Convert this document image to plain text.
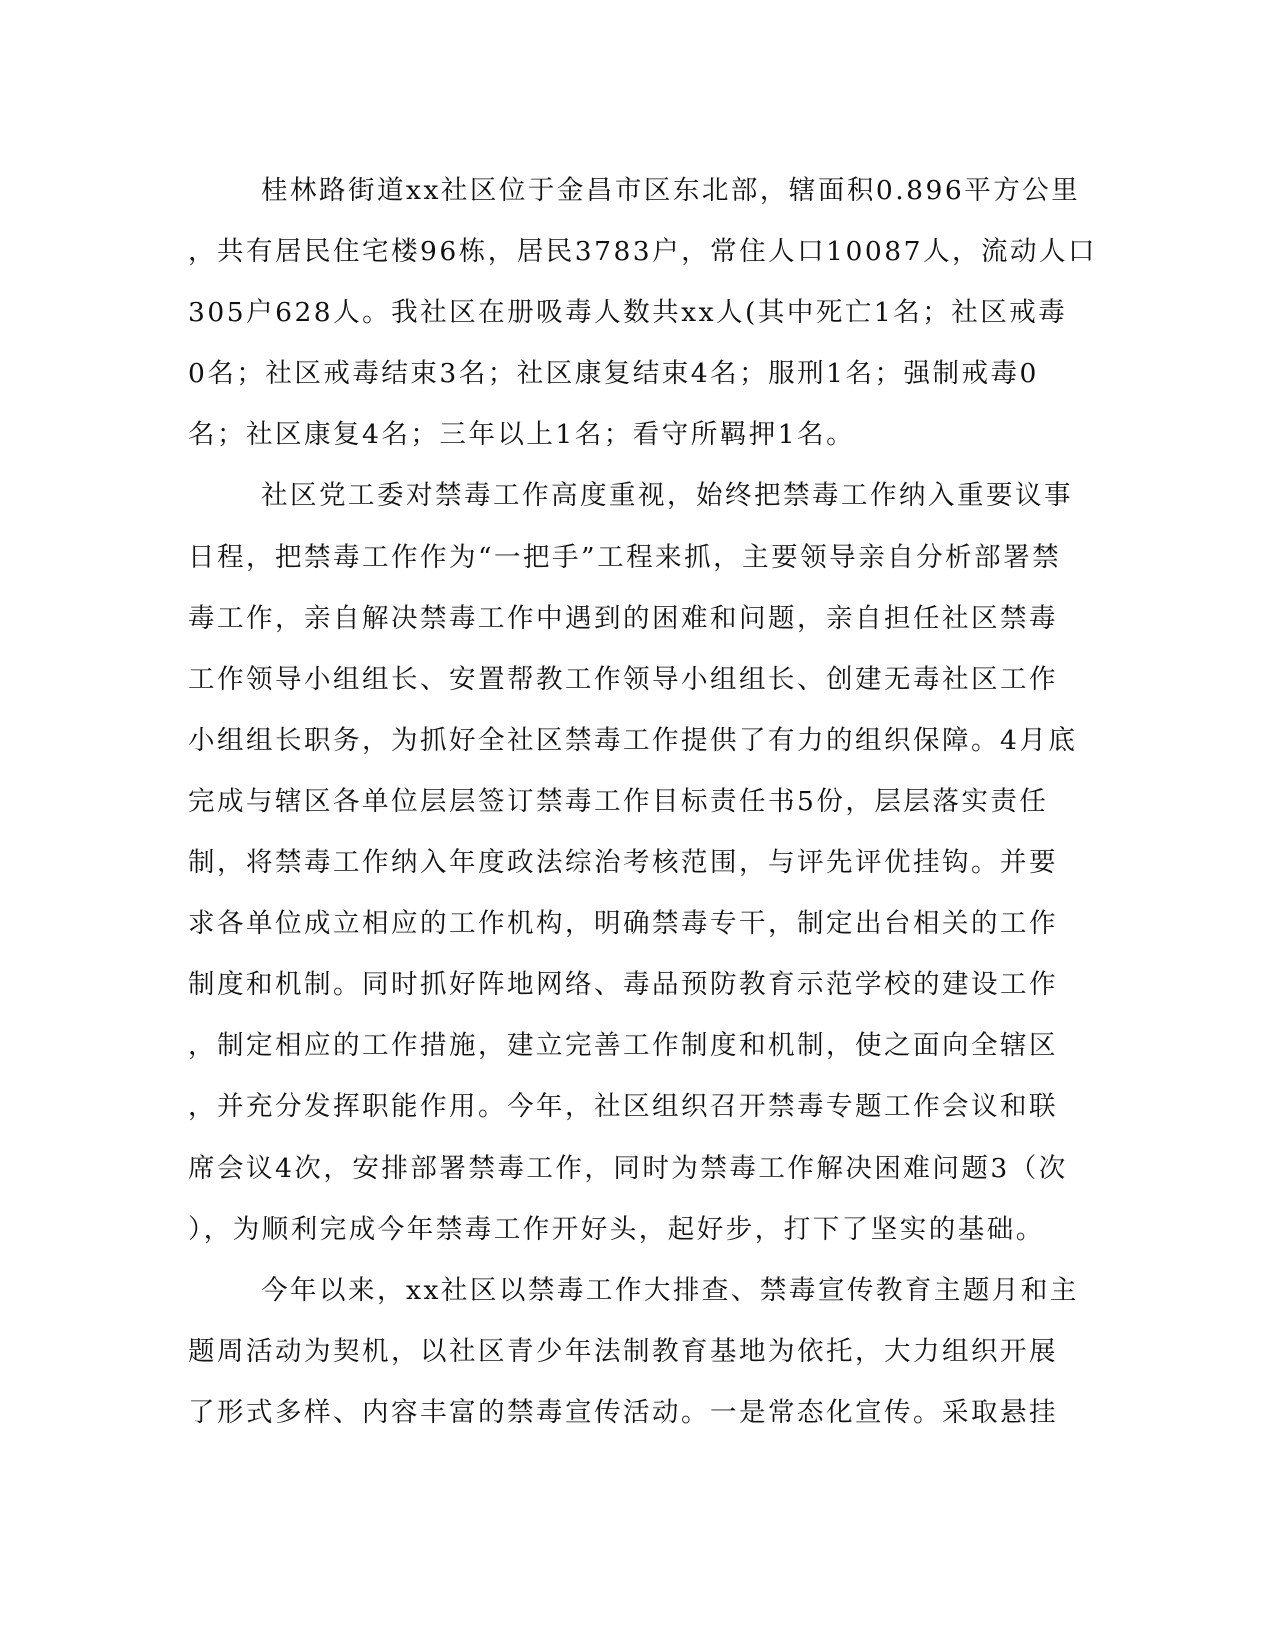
桂林路街道xx社区位于金昌市区东北部，辖面积0.896平方公里
，共有居民住宅楼96栋，居民3783户，常住人口10087人，流动人口
305户628人。我社区在册吸毒人数共xx人(其中死亡1名；社区戒毒
0名；社区戒毒结束3名；社区康复结束4名；服刑1名；强制戒毒0
名；社区康复4名；三年以上1名；看守所羁押1名。
社区党工委对禁毒工作高度重视，始终把禁毒工作纳入重要议事
日程，把禁毒工作作为“一把手”工程来抓，主要领导亲自分析部署禁
毒工作，亲自解决禁毒工作中遇到的困难和问题，亲自担任社区禁毒
工作领导小组组长、安置帮教工作领导小组组长、创建无毒社区工作
小组组长职务，为抓好全社区禁毒工作提供了有力的组织保障。4月底
完成与辖区各单位层层签订禁毒工作目标责任书5份，层层落实责任
制，将禁毒工作纳入年度政法综治考核范围，与评先评优挂钩。并要
求各单位成立相应的工作机构，明确禁毒专干，制定出台相关的工作
制度和机制。同时抓好阵地网络、毒品预防教育示范学校的建设工作
，制定相应的工作措施，建立完善工作制度和机制，使之面向全辖区
，并充分发挥职能作用。今年，社区组织召开禁毒专题工作会议和联
席会议4次，安排部署禁毒工作，同时为禁毒工作解决困难问题3（次
），为顺利完成今年禁毒工作开好头，起好步，打下了坚实的基础。
今年以来，xx社区以禁毒工作大排查、禁毒宣传教育主题月和主
题周活动为契机，以社区青少年法制教育基地为依托，大力组织开展
了形式多样、内容丰富的禁毒宣传活动。一是常态化宣传。采取悬挂
